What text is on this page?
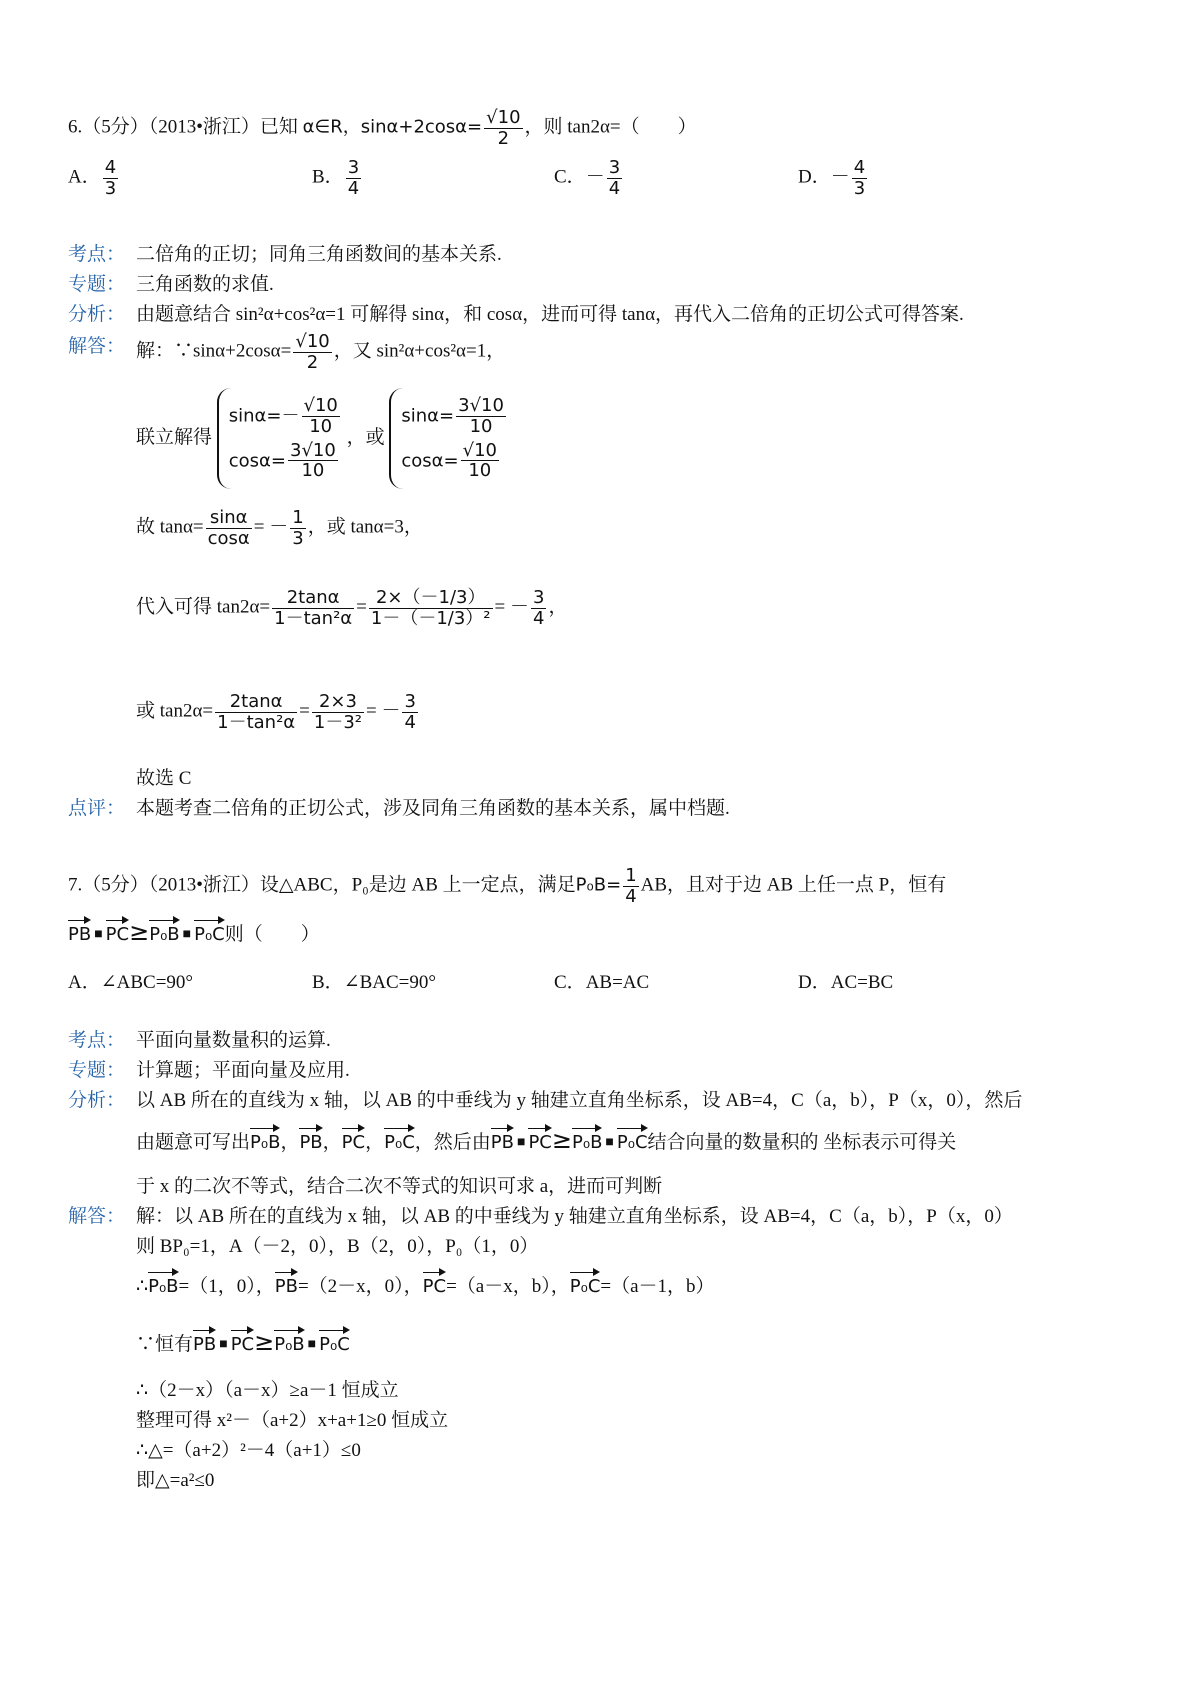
6.（5分）（2013•浙江）已知 α∈R，$\sin\alpha+2\cos\alpha= \frac{√10}{2}$ ，则 tan2α=（　　）
A． $\frac{4}{3}$	B． $\frac{3}{4}$	C．－ $\frac{3}{4}$	D．－ $\frac{4}{3}$
考点： 二倍角的正切；同角三角函数间的基本关系.
专题： 三角函数的求值.
分析： 由题意结合 sin²α+cos²α=1 可解得 sinα，和 cosα，进而可得 tanα，再代入二倍角的正切公式可得答案.
解答： 解：∵sinα+2cosα= $\frac{√10}{2}$ ，又 sin²α+cos²α=1，
联立解得
$\sin\alpha=- \frac{√10}{10}$
$\cos\alpha= \frac{3√10}{10}$
，或
$\sin\alpha= \frac{3√10}{10}$
$\cos\alpha= \frac{√10}{10}$
故 $\tan\alpha= \frac{\sin\alpha}{\cos\alpha}$ = － $\frac{1}{3}$ ，或 tanα=3，
代入可得 $\tan 2\alpha= \frac{2\tan\alpha}{\text{1－tan²α}} = \frac{2\times(-1/3)}{\text{1－（－1/3）²}}$ = － $\frac{3}{4}$ ，
或 $\tan 2\alpha= \frac{2\tan\alpha}{\text{1－tan²α}} = \frac{2\times 3}{\text{1－3²}}$ = － $\frac{3}{4}$
故选 C
点评： 本题考查二倍角的正切公式，涉及同角三角函数的基本关系，属中档题.
7.（5分）（2013•浙江）设△ABC，P₀是边 AB 上一定点，满足$P_0B= \frac{1}{4}$ AB，且对于边 AB 上任一点 P，恒有
PB ■ PC≥P₀B ■ P₀C则（　　）
A．∠ABC=90°	B．∠BAC=90°	C．AB=AC	D．AC=BC
考点： 平面向量数量积的运算.
专题： 计算题；平面向量及应用.
分析： 以 AB 所在的直线为 x 轴，以 AB 的中垂线为 y 轴建立直角坐标系，设 AB=4，C（a，b），P（x，0），然后
由题意可写出P₀B，PB，PC，P₀C，然后由PB ■ PC≥P₀B ■ P₀C结合向量的数量积的 坐标表示可得关
于 x 的二次不等式，结合二次不等式的知识可求 a，进而可判断
解答： 解：以 AB 所在的直线为 x 轴，以 AB 的中垂线为 y 轴建立直角坐标系，设 AB=4，C（a，b），P（x，0）
则 BP₀=1，A（－2，0），B（2，0），P₀（1，0）
∴P₀B=（1，0），PB=（2－x，0），PC=（a－x，b），P₀C=（a－1，b）
∵恒有PB ■ PC≥P₀B ■ P₀C
∴（2－x）（a－x）≥a－1 恒成立
整理可得 x²－（a+2）x+a+1≥0 恒成立
∴△=（a+2）²－4（a+1）≤0
即△=a²≤0
